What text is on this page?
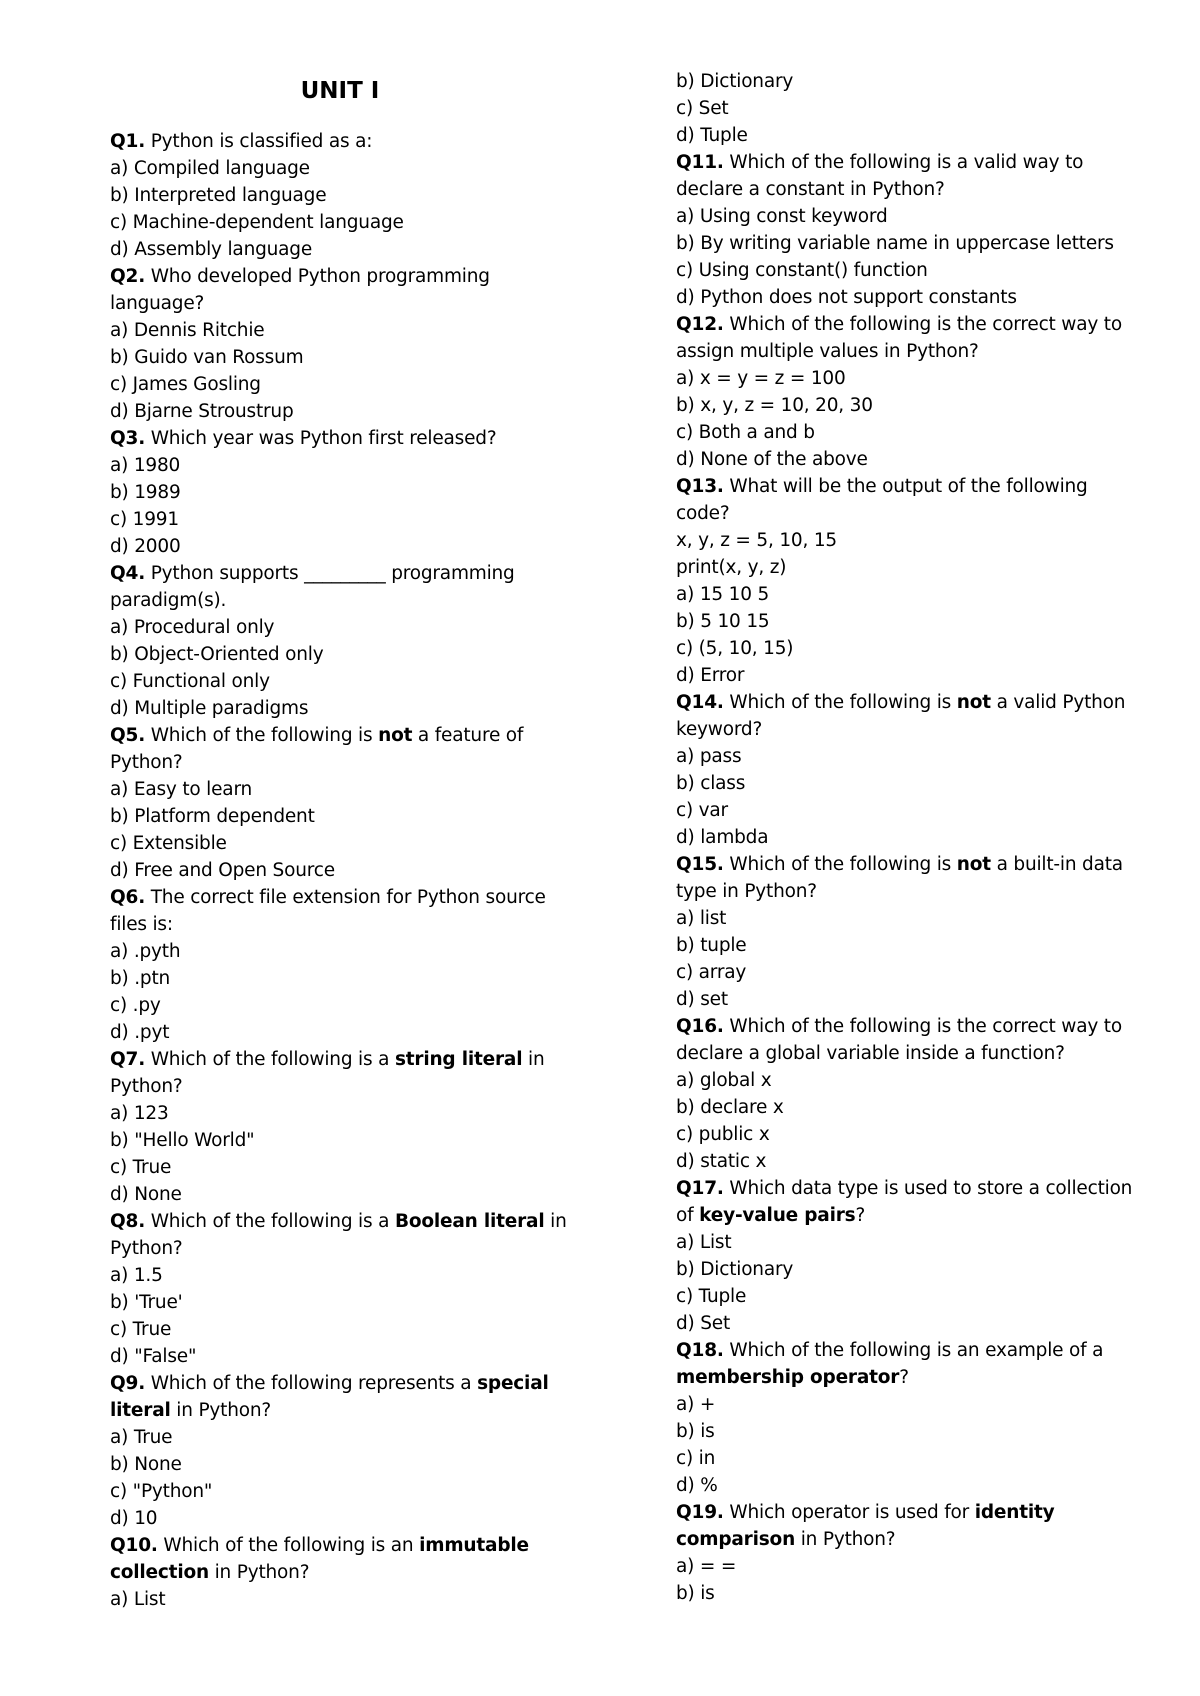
UNIT I
Q1. Python is classified as a:
a) Compiled language
b) Interpreted language
c) Machine-dependent language
d) Assembly language
Q2. Who developed Python programming
language?
a) Dennis Ritchie
b) Guido van Rossum
c) James Gosling
d) Bjarne Stroustrup
Q3. Which year was Python first released?
a) 1980
b) 1989
c) 1991
d) 2000
Q4. Python supports _________ programming
paradigm(s).
a) Procedural only
b) Object-Oriented only
c) Functional only
d) Multiple paradigms
Q5. Which of the following is not a feature of
Python?
a) Easy to learn
b) Platform dependent
c) Extensible
d) Free and Open Source
Q6. The correct file extension for Python source
files is:
a) .pyth
b) .ptn
c) .py
d) .pyt
Q7. Which of the following is a string literal in
Python?
a) 123
b) "Hello World"
c) True
d) None
Q8. Which of the following is a Boolean literal in
Python?
a) 1.5
b) 'True'
c) True
d) "False"
Q9. Which of the following represents a special
literal in Python?
a) True
b) None
c) "Python"
d) 10
Q10. Which of the following is an immutable
collection in Python?
a) List
b) Dictionary
c) Set
d) Tuple
Q11. Which of the following is a valid way to
declare a constant in Python?
a) Using const keyword
b) By writing variable name in uppercase letters
c) Using constant() function
d) Python does not support constants
Q12. Which of the following is the correct way to
assign multiple values in Python?
a) x = y = z = 100
b) x, y, z = 10, 20, 30
c) Both a and b
d) None of the above
Q13. What will be the output of the following
code?
x, y, z = 5, 10, 15
print(x, y, z)
a) 15 10 5
b) 5 10 15
c) (5, 10, 15)
d) Error
Q14. Which of the following is not a valid Python
keyword?
a) pass
b) class
c) var
d) lambda
Q15. Which of the following is not a built-in data
type in Python?
a) list
b) tuple
c) array
d) set
Q16. Which of the following is the correct way to
declare a global variable inside a function?
a) global x
b) declare x
c) public x
d) static x
Q17. Which data type is used to store a collection
of key-value pairs?
a) List
b) Dictionary
c) Tuple
d) Set
Q18. Which of the following is an example of a
membership operator?
a) +
b) is
c) in
d) %
Q19. Which operator is used for identity
comparison in Python?
a) = =
b) is
